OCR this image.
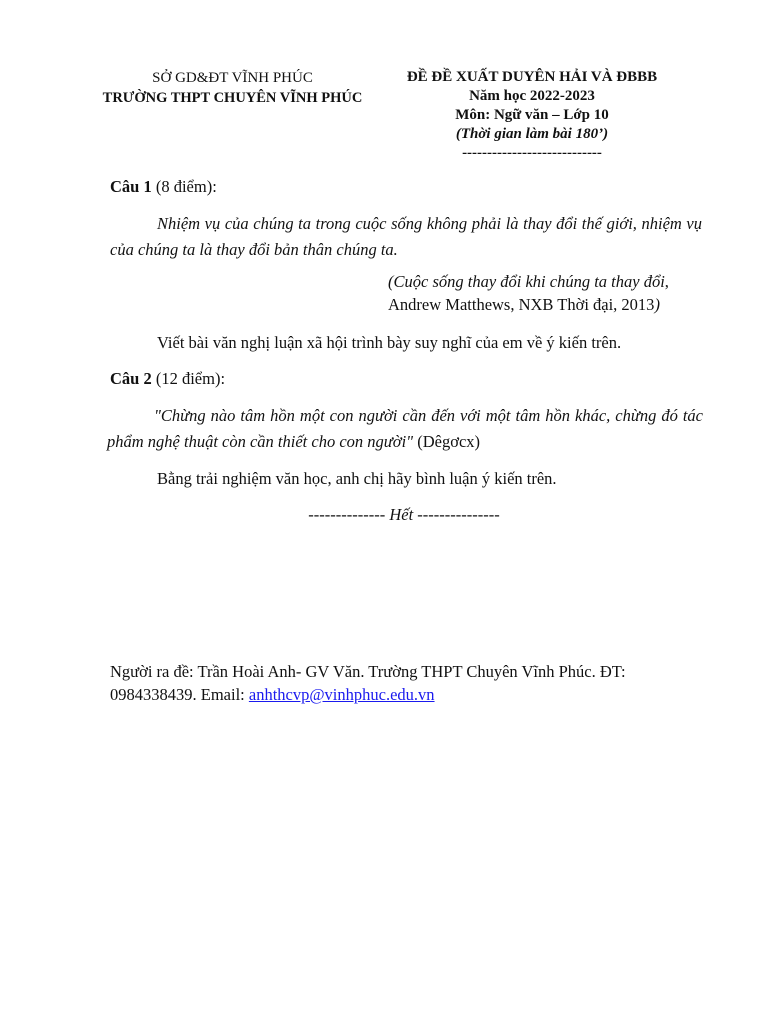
SỞ GD&ĐT VĨNH PHÚC
TRƯỜNG THPT CHUYÊN VĨNH PHÚC
ĐỀ ĐỀ XUẤT DUYÊN HẢI VÀ ĐBBB
Năm học 2022-2023
Môn: Ngữ văn – Lớp 10
(Thời gian làm bài 180’)
----------------------------
Câu 1 (8 điểm):
Nhiệm vụ của chúng ta trong cuộc sống không phải là thay đổi thế giới, nhiệm vụ của chúng ta là thay đổi bản thân chúng ta.
(Cuộc sống thay đổi khi chúng ta thay đổi,
Andrew Matthews, NXB Thời đại, 2013)
Viết bài văn nghị luận xã hội trình bày suy nghĩ của em về ý kiến trên.
Câu 2 (12 điểm):
"Chừng nào tâm hồn một con người cần đến với một tâm hồn khác, chừng đó tác phẩm nghệ thuật còn cần thiết cho con người" (Dêgơcx)
Bằng trải nghiệm văn học, anh chị hãy bình luận ý kiến trên.
-------------- Hết ---------------
Người ra đề: Trần Hoài Anh- GV Văn. Trường THPT Chuyên Vĩnh Phúc. ĐT: 0984338439. Email: anhthcvp@vinhphuc.edu.vn
